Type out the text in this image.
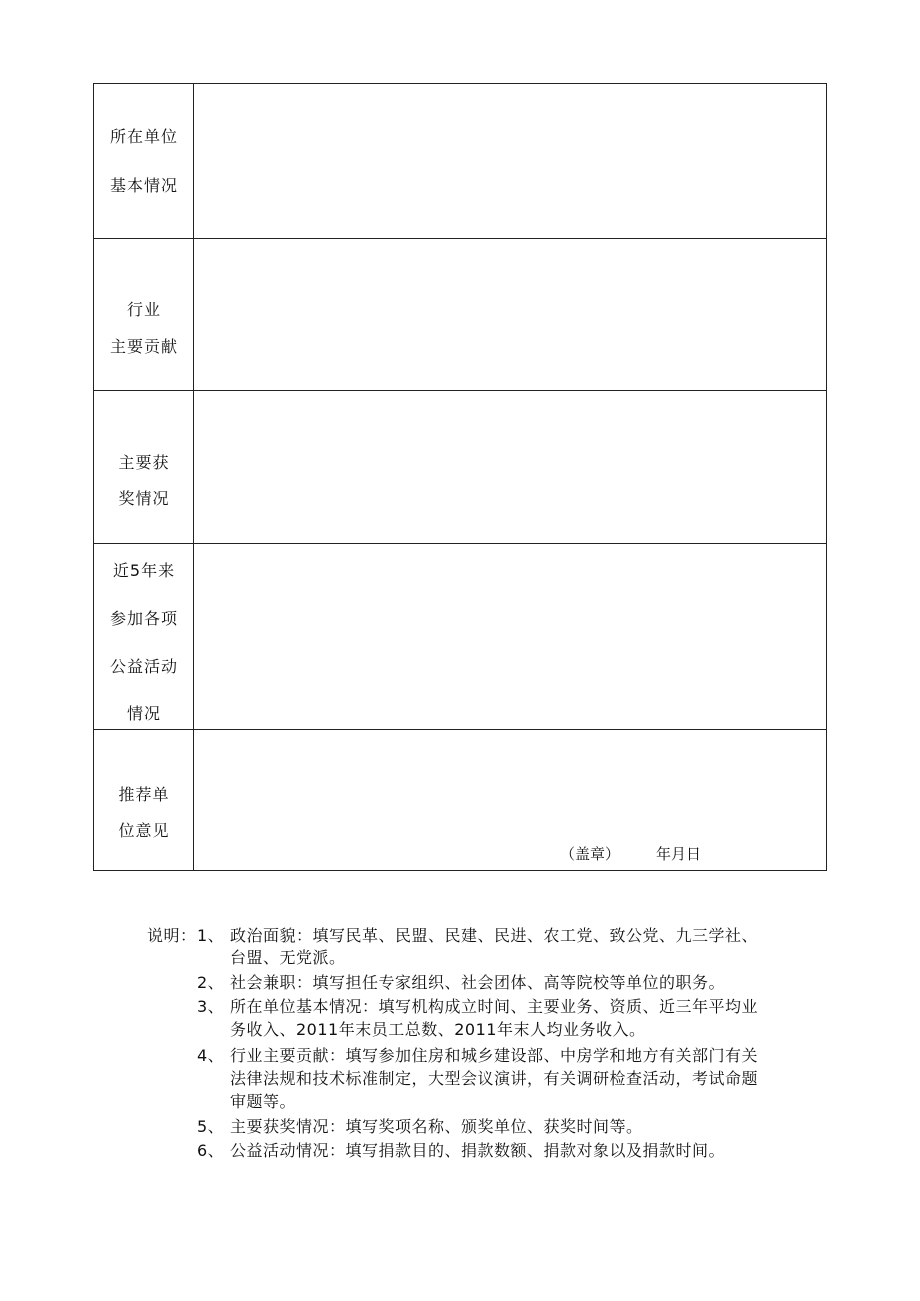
所在单位
基本情况
行业
主要贡献
主要获
奖情况
近5年来
参加各项
公益活动
情况
推荐单
位意见
（盖章） 年月日
说明： 1、 政治面貌：填写民革、民盟、民建、民进、农工党、致公党、九三学社、
台盟、无党派。
2、 社会兼职：填写担任专家组织、社会团体、高等院校等单位的职务。
3、 所在单位基本情况：填写机构成立时间、主要业务、资质、近三年平均业
务收入、2011年末员工总数、2011年末人均业务收入。
4、 行业主要贡献：填写参加住房和城乡建设部、中房学和地方有关部门有关
法律法规和技术标准制定，大型会议演讲，有关调研检查活动，考试命题
审题等。
5、 主要获奖情况：填写奖项名称、颁奖单位、获奖时间等。
6、 公益活动情况：填写捐款目的、捐款数额、捐款对象以及捐款时间。
